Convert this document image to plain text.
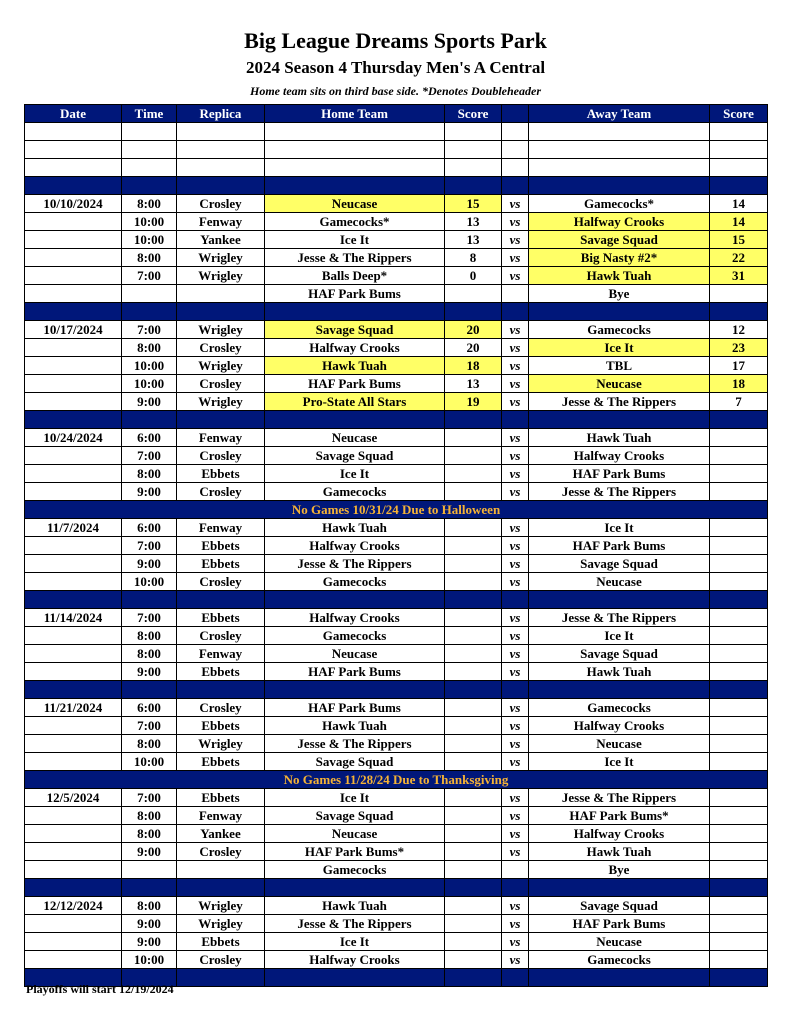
Big League Dreams Sports Park
2024 Season 4 Thursday Men's A Central
Home team sits on third base side. *Denotes Doubleheader
Date	Time	Replica	Home Team	Score		Away Team	Score

10/10/2024	8:00	Crosley	Neucase	15	vs	Gamecocks*	14
	10:00	Fenway	Gamecocks*	13	vs	Halfway Crooks	14
	10:00	Yankee	Ice It	13	vs	Savage Squad	15
	8:00	Wrigley	Jesse & The Rippers	8	vs	Big Nasty #2*	22
	7:00	Wrigley	Balls Deep*	0	vs	Hawk Tuah	31
			HAF Park Bums			Bye	

10/17/2024	7:00	Wrigley	Savage Squad	20	vs	Gamecocks	12
	8:00	Crosley	Halfway Crooks	20	vs	Ice It	23
	10:00	Wrigley	Hawk Tuah	18	vs	TBL	17
	10:00	Crosley	HAF Park Bums	13	vs	Neucase	18
	9:00	Wrigley	Pro-State All Stars	19	vs	Jesse & The Rippers	7

10/24/2024	6:00	Fenway	Neucase		vs	Hawk Tuah	
	7:00	Crosley	Savage Squad		vs	Halfway Crooks	
	8:00	Ebbets	Ice It		vs	HAF Park Bums	
	9:00	Crosley	Gamecocks		vs	Jesse & The Rippers	
No Games 10/31/24 Due to Halloween							
11/7/2024	6:00	Fenway	Hawk Tuah		vs	Ice It	
	7:00	Ebbets	Halfway Crooks		vs	HAF Park Bums	
	9:00	Ebbets	Jesse & The Rippers		vs	Savage Squad	
	10:00	Crosley	Gamecocks		vs	Neucase	

11/14/2024	7:00	Ebbets	Halfway Crooks		vs	Jesse & The Rippers	
	8:00	Crosley	Gamecocks		vs	Ice It	
	8:00	Fenway	Neucase		vs	Savage Squad	
	9:00	Ebbets	HAF Park Bums		vs	Hawk Tuah	

11/21/2024	6:00	Crosley	HAF Park Bums		vs	Gamecocks	
	7:00	Ebbets	Hawk Tuah		vs	Halfway Crooks	
	8:00	Wrigley	Jesse & The Rippers		vs	Neucase	
	10:00	Ebbets	Savage Squad		vs	Ice It	
No Games 11/28/24 Due to Thanksgiving							
12/5/2024	7:00	Ebbets	Ice It		vs	Jesse & The Rippers	
	8:00	Fenway	Savage Squad		vs	HAF Park Bums*	
	8:00	Yankee	Neucase		vs	Halfway Crooks	
	9:00	Crosley	HAF Park Bums*		vs	Hawk Tuah	
			Gamecocks			Bye	

12/12/2024	8:00	Wrigley	Hawk Tuah		vs	Savage Squad	
	9:00	Wrigley	Jesse & The Rippers		vs	HAF Park Bums	
	9:00	Ebbets	Ice It		vs	Neucase	
	10:00	Crosley	Halfway Crooks		vs	Gamecocks	

Playoffs will start 12/19/2024
